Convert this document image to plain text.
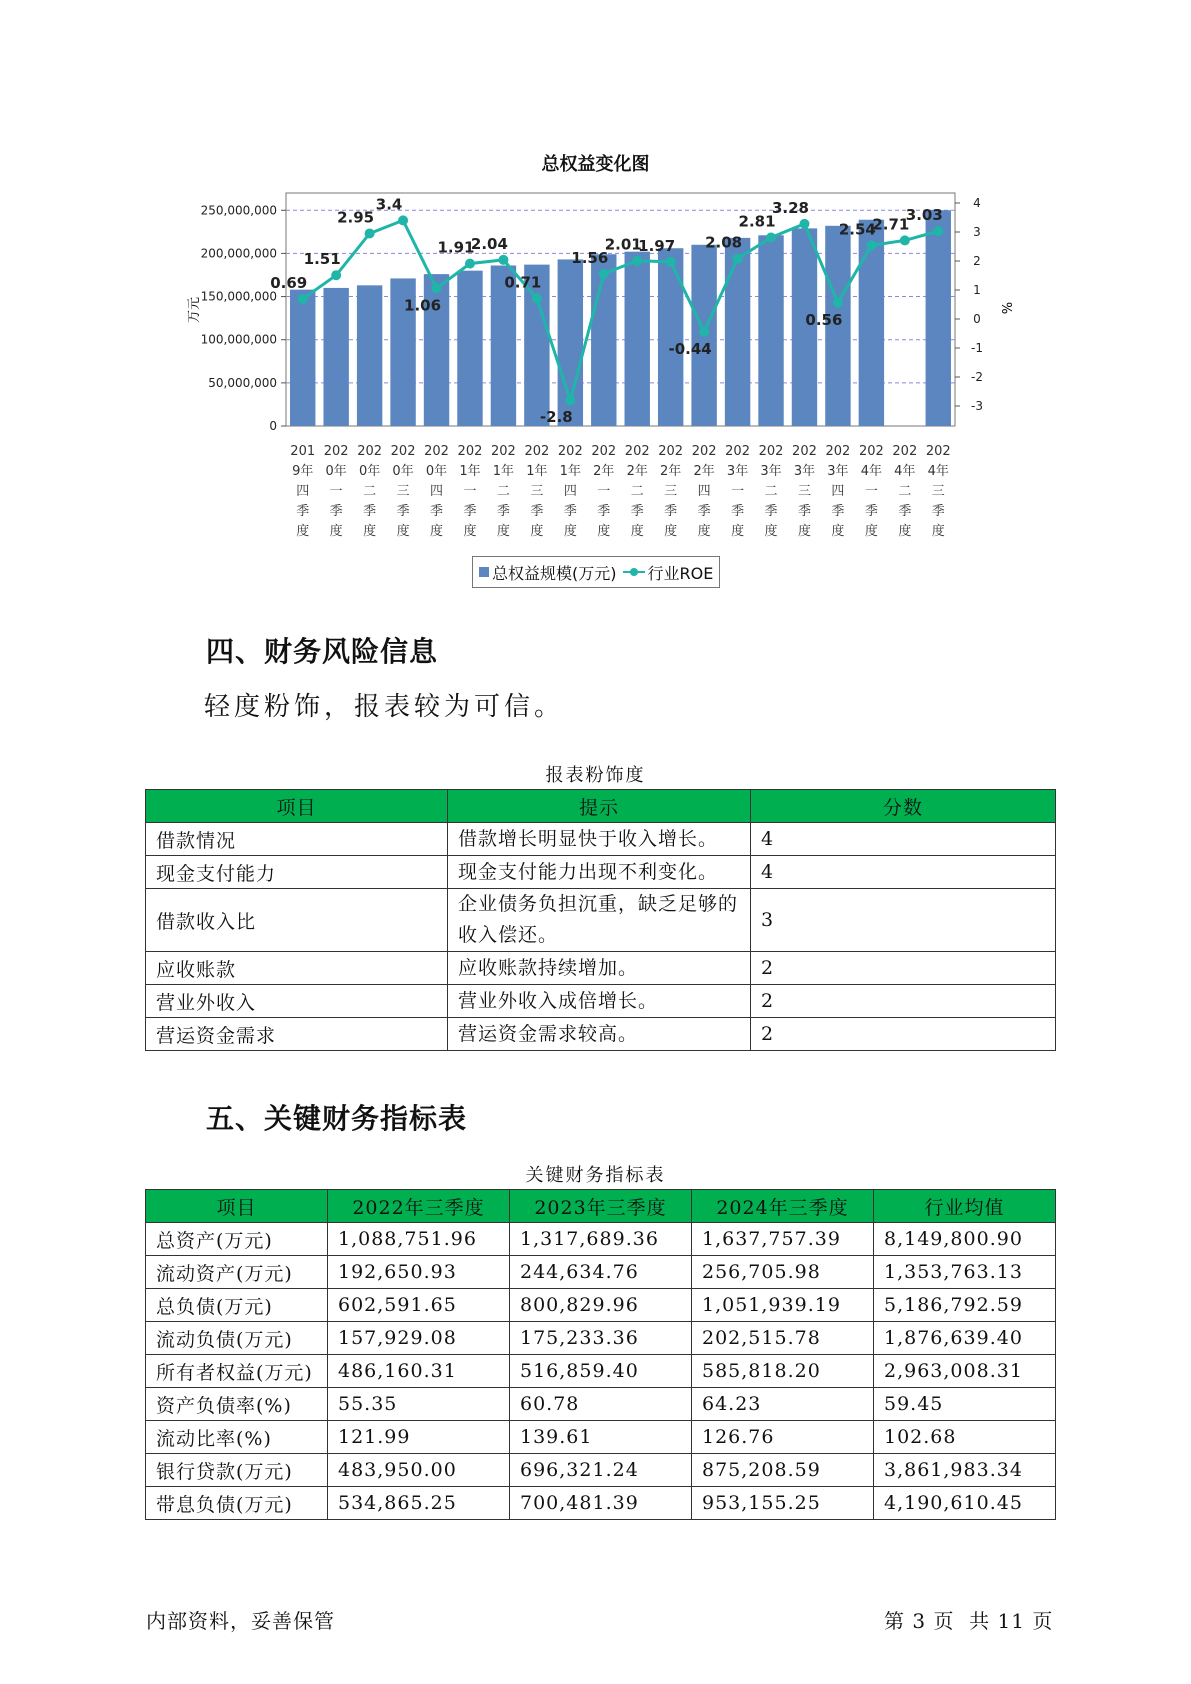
总权益变化图
0
50,000,000
100,000,000
150,000,000
200,000,000
250,000,000
-3
-2
-1
0
1
2
3
4
万元	%
201
9年
四
季
度
202
0年
一
季
度
202
0年
二
季
度
202
0年
三
季
度
202
0年
四
季
度
202
1年
一
季
度
202
1年
二
季
度
202
1年
三
季
度
202
1年
四
季
度
202
2年
一
季
度
202
2年
二
季
度
202
2年
三
季
度
202
2年
四
季
度
202
3年
一
季
度
202
3年
二
季
度
202
3年
三
季
度
202
3年
四
季
度
202
4年
一
季
度
202
4年
二
季
度
202
4年
三
季
度
0.69
1.51
2.95
3.4
1.06
1.91
2.04
0.71
-2.8
1.56
2.01
1.97
-0.44
2.08
2.81
3.28
0.56
2.54
2.71
3.03
总权益规模(万元) 行业ROE
四、财务风险信息
轻度粉饰，报表较为可信。
报表粉饰度
项目	提示	分数
借款情况	借款增长明显快于收入增长。	4
现金支付能力	现金支付能力出现不利变化。	4
借款收入比	企业债务负担沉重，缺乏足够的收入偿还。	3
应收账款	应收账款持续增加。	2
营业外收入	营业外收入成倍增长。	2
营运资金需求	营运资金需求较高。	2
五、关键财务指标表
关键财务指标表
项目	2022年三季度	2023年三季度	2024年三季度	行业均值
总资产(万元)	1,088,751.96	1,317,689.36	1,637,757.39	8,149,800.90
流动资产(万元)	192,650.93	244,634.76	256,705.98	1,353,763.13
总负债(万元)	602,591.65	800,829.96	1,051,939.19	5,186,792.59
流动负债(万元)	157,929.08	175,233.36	202,515.78	1,876,639.40
所有者权益(万元)	486,160.31	516,859.40	585,818.20	2,963,008.31
资产负债率(%)	55.35	60.78	64.23	59.45
流动比率(%)	121.99	139.61	126.76	102.68
银行贷款(万元)	483,950.00	696,321.24	875,208.59	3,861,983.34
带息负债(万元)	534,865.25	700,481.39	953,155.25	4,190,610.45
内部资料，妥善保管	第 3 页  共 11 页
